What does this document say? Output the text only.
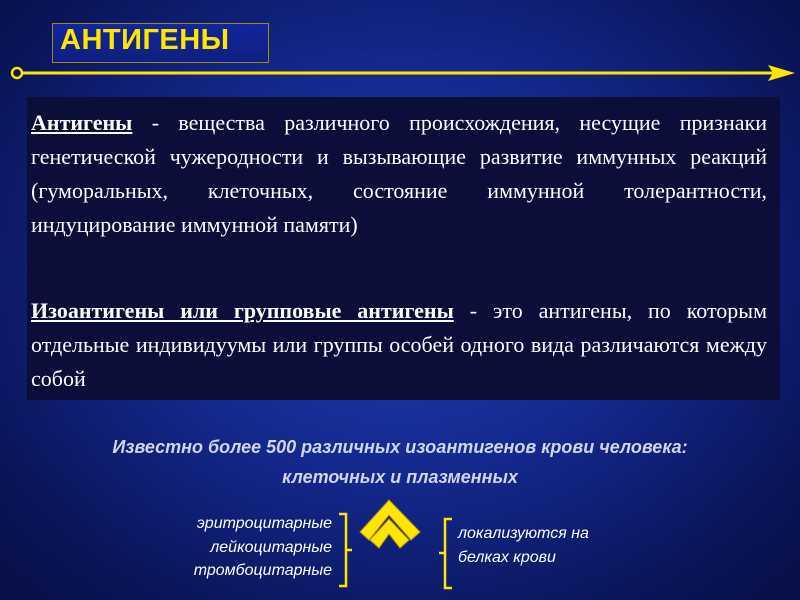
АНТИГЕНЫ
Антигены - вещества различного происхождения, несущие признаки генетической чужеродности и вызывающие развитие иммунных реакций (гуморальных, клеточных, состояние иммунной толерантности, индуцирование иммунной памяти)
Изоантигены или групповые антигены - это антигены, по которым отдельные индивидуумы или группы особей одного вида различаются между собой
Известно более 500 различных изоантигенов крови человека:
клеточных и плазменных
эритроцитарные
лейкоцитарные
тромбоцитарные
локализуются на
белках крови
